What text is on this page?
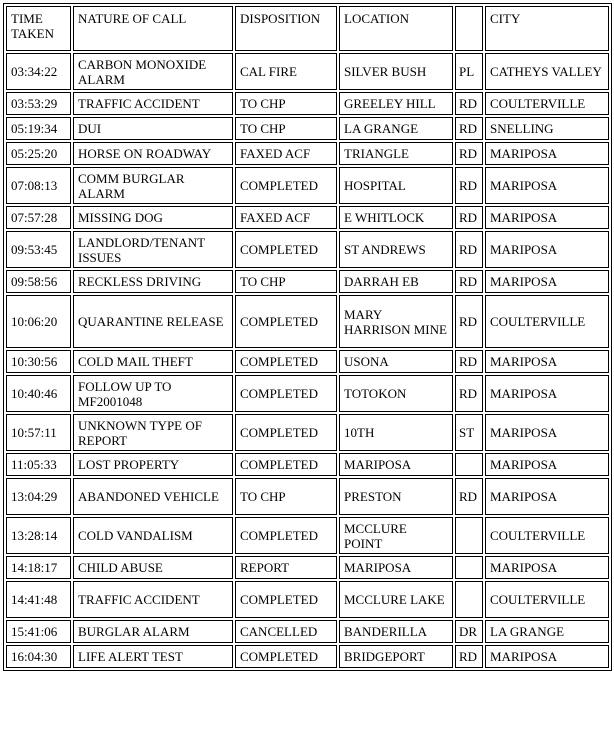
TIME TAKEN	NATURE OF CALL	DISPOSITION	LOCATION		CITY
03:34:22	CARBON MONOXIDE ALARM	CAL FIRE	SILVER BUSH	PL	CATHEYS VALLEY
03:53:29	TRAFFIC ACCIDENT	TO CHP	GREELEY HILL	RD	COULTERVILLE
05:19:34	DUI	TO CHP	LA GRANGE	RD	SNELLING
05:25:20	HORSE ON ROADWAY	FAXED ACF	TRIANGLE	RD	MARIPOSA
07:08:13	COMM BURGLAR ALARM	COMPLETED	HOSPITAL	RD	MARIPOSA
07:57:28	MISSING DOG	FAXED ACF	E WHITLOCK	RD	MARIPOSA
09:53:45	LANDLORD/TENANT ISSUES	COMPLETED	ST ANDREWS	RD	MARIPOSA
09:58:56	RECKLESS DRIVING	TO CHP	DARRAH EB	RD	MARIPOSA
10:06:20	QUARANTINE RELEASE	COMPLETED	MARY HARRISON MINE	RD	COULTERVILLE
10:30:56	COLD MAIL THEFT	COMPLETED	USONA	RD	MARIPOSA
10:40:46	FOLLOW UP TO MF2001048	COMPLETED	TOTOKON	RD	MARIPOSA
10:57:11	UNKNOWN TYPE OF REPORT	COMPLETED	10TH	ST	MARIPOSA
11:05:33	LOST PROPERTY	COMPLETED	MARIPOSA		MARIPOSA
13:04:29	ABANDONED VEHICLE	TO CHP	PRESTON	RD	MARIPOSA
13:28:14	COLD VANDALISM	COMPLETED	MCCLURE POINT		COULTERVILLE
14:18:17	CHILD ABUSE	REPORT	MARIPOSA		MARIPOSA
14:41:48	TRAFFIC ACCIDENT	COMPLETED	MCCLURE LAKE		COULTERVILLE
15:41:06	BURGLAR ALARM	CANCELLED	BANDERILLA	DR	LA GRANGE
16:04:30	LIFE ALERT TEST	COMPLETED	BRIDGEPORT	RD	MARIPOSA
